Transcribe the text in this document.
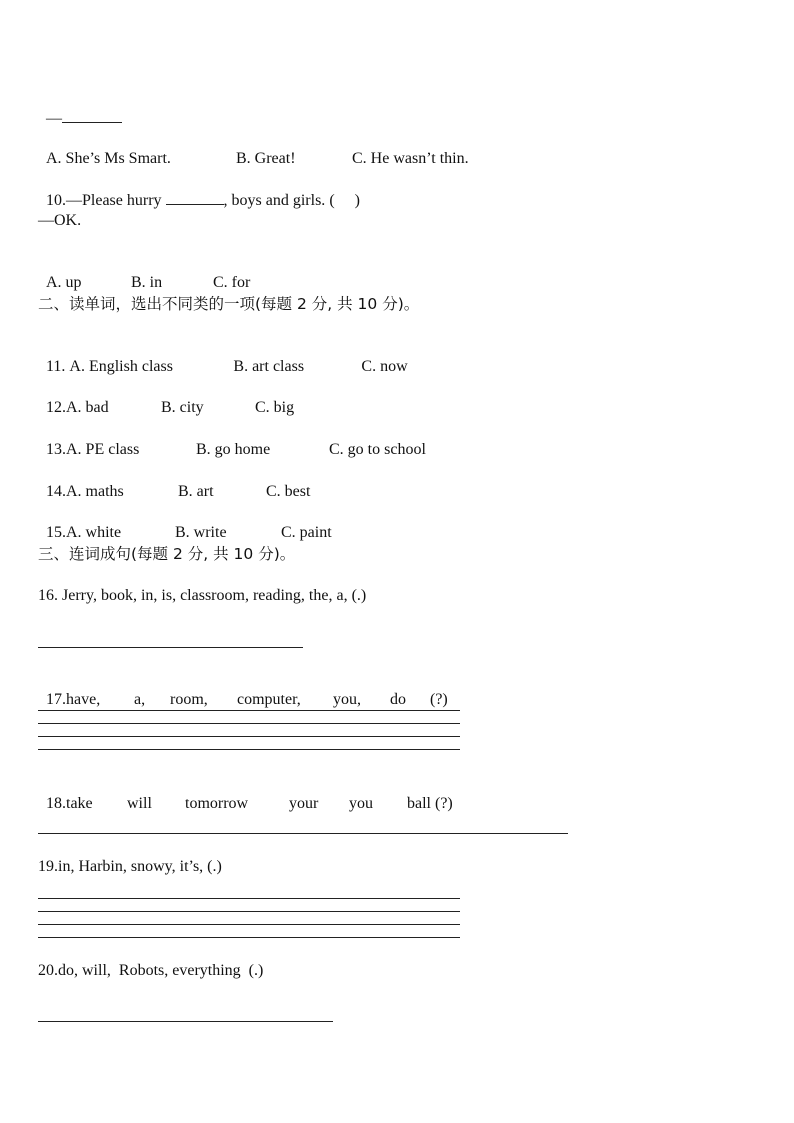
—

A. She’s Ms Smart.	B. Great!	C. He wasn’t thin.

10.—Please hurry	, boys and girls. (     )

—OK.

A. up	B. in	C. for

二、读单词，选出不同类的一项(每题 2 分, 共 10 分)。

11. A. English class	B. art class	C. now

12.A. bad	B. city	C. big

13.A. PE class	B. go home	C. go to school

14.A. maths	B. art	C. best

15.A. white	B. write	C. paint

三、连词成句(每题 2 分, 共 10 分)。
16. Jerry, book, in, is, classroom, reading, the, a, (.)

17.have, a, room, computer, you, do (?)

18.take will tomorrow	your you ball (?)

19.in, Harbin, snowy, it’s, (.)
20.do, will,  Robots, everything  (.)
